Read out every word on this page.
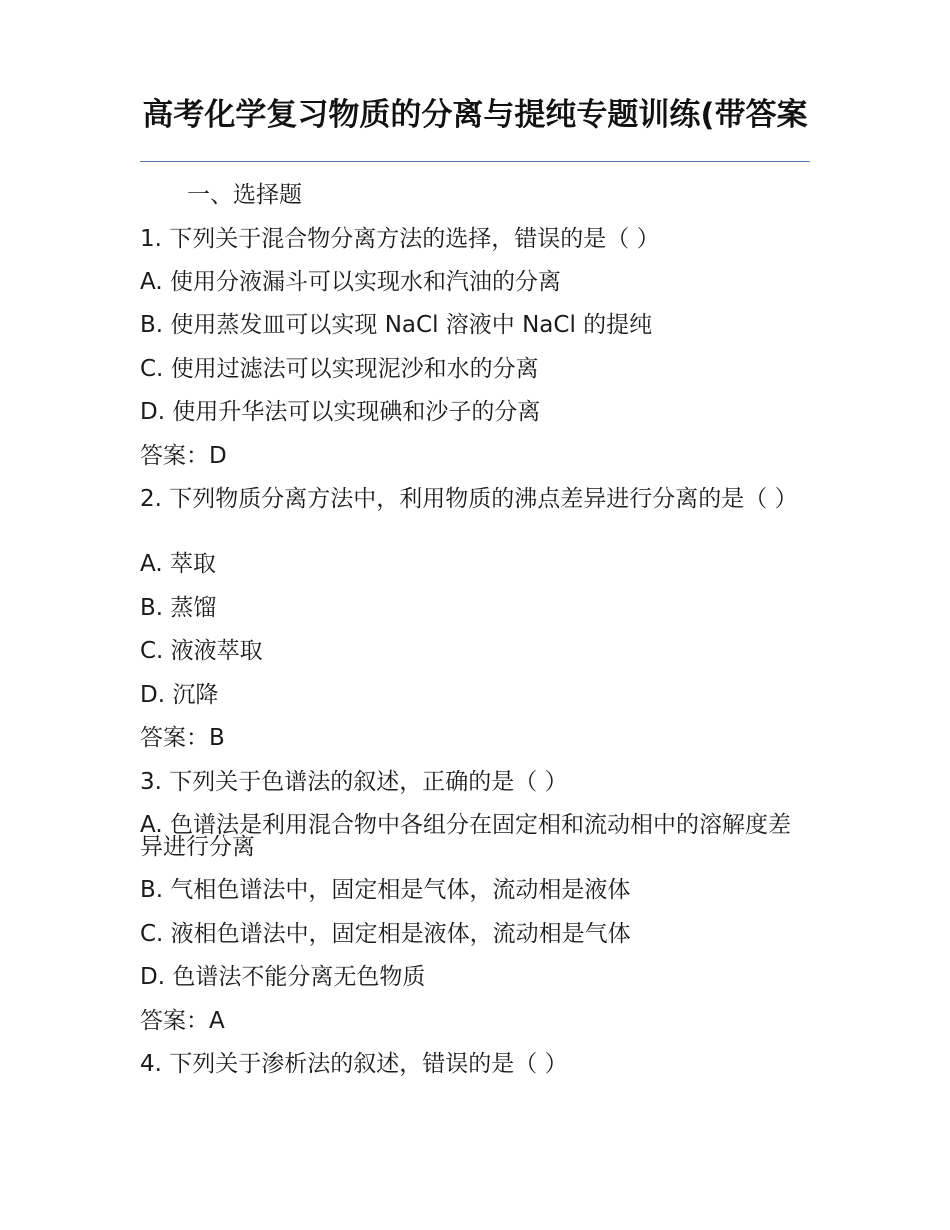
高考化学复习物质的分离与提纯专题训练(带答案
一、选择题
1. 下列关于混合物分离方法的选择，错误的是（ ）
A. 使用分液漏斗可以实现水和汽油的分离
B. 使用蒸发皿可以实现 NaCl 溶液中 NaCl 的提纯
C. 使用过滤法可以实现泥沙和水的分离
D. 使用升华法可以实现碘和沙子的分离
答案：D
2. 下列物质分离方法中，利用物质的沸点差异进行分离的是（ ）
A. 萃取
B. 蒸馏
C. 液液萃取
D. 沉降
答案：B
3. 下列关于色谱法的叙述，正确的是（ ）
A. 色谱法是利用混合物中各组分在固定相和流动相中的溶解度差异进行分离
B. 气相色谱法中，固定相是气体，流动相是液体
C. 液相色谱法中，固定相是液体，流动相是气体
D. 色谱法不能分离无色物质
答案：A
4. 下列关于渗析法的叙述，错误的是（ ）
